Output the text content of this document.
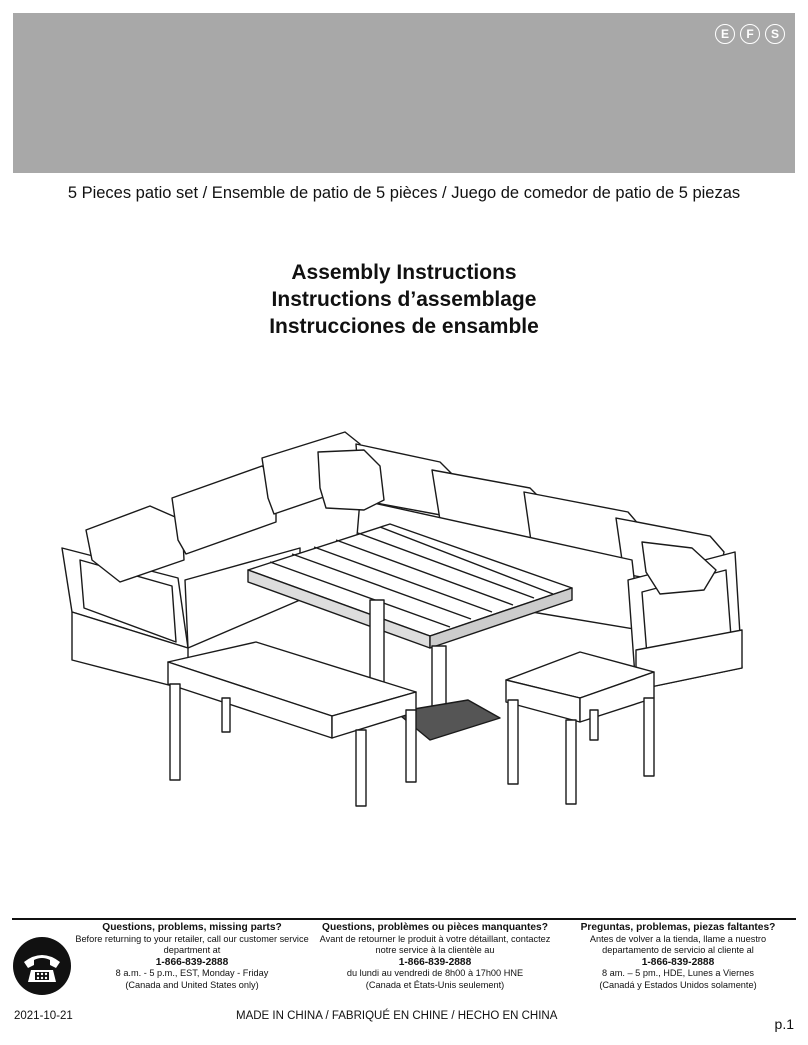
E	F	S
5 Pieces patio set / Ensemble de patio de 5 pièces / Juego de comedor de patio de 5 piezas
Assembly Instructions
Instructions d’assemblage
Instrucciones de ensamble
Questions, problems, missing parts?
Before returning to your retailer, call our customer service
department at
1-866-839-2888
8 a.m. - 5 p.m., EST, Monday - Friday
(Canada and United States only)
Questions, problèmes ou pièces manquantes?
Avant de retourner le produit à votre détaillant, contactez
notre service à la clientèle au
1-866-839-2888
du lundi au vendredi de 8h00 à 17h00 HNE
(Canada et États-Unis seulement)
Preguntas, problemas, piezas faltantes?
Antes de volver a la tienda, llame a nuestro
departamento de servicio al cliente al
1-866-839-2888
8 am. – 5 pm., HDE, Lunes a Viernes
(Canadá y Estados Unidos solamente)
2021-10-21	MADE IN CHINA / FABRIQUÉ EN CHINE / HECHO EN CHINA	p.1
